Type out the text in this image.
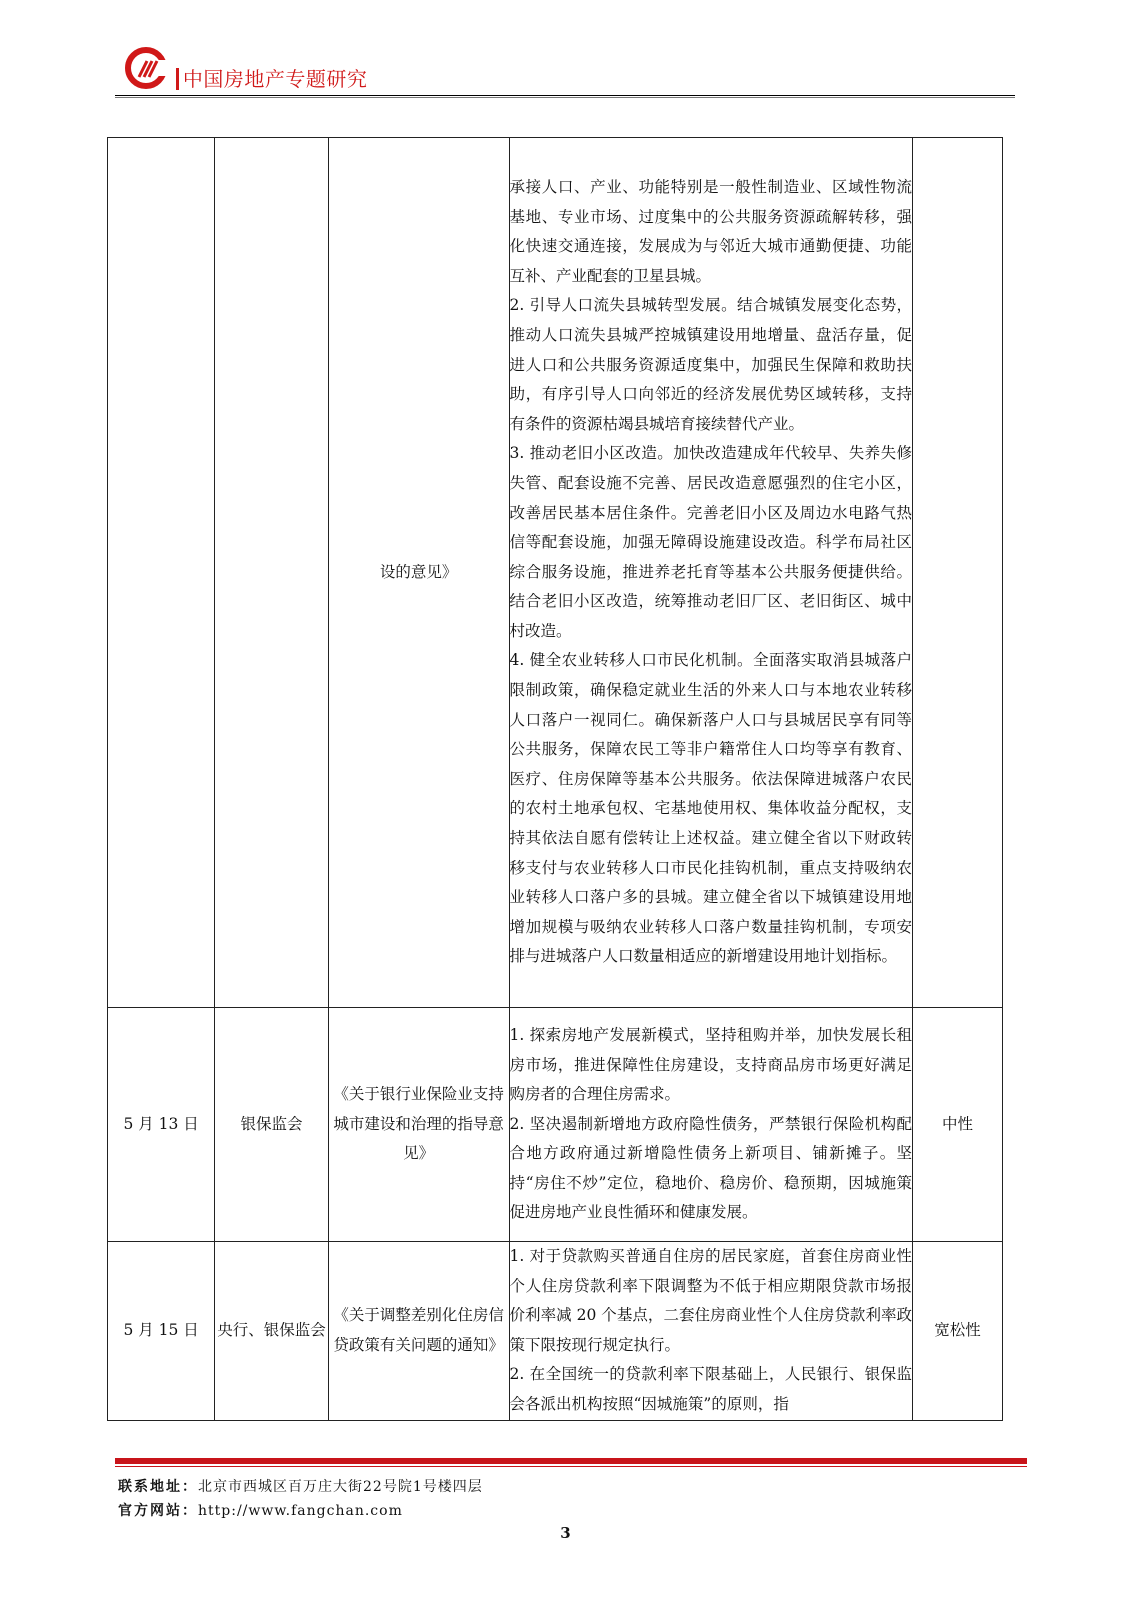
中国房地产专题研究
		设的意见》	承接人口、产业、功能特别是一般性制造业、区域性物流基地、专业市场、过度集中的公共服务资源疏解转移，强化快速交通连接，发展成为与邻近大城市通勤便捷、功能互补、产业配套的卫星县城。

2. 引导人口流失县城转型发展。结合城镇发展变化态势，推动人口流失县城严控城镇建设用地增量、盘活存量，促进人口和公共服务资源适度集中，加强民生保障和救助扶助，有序引导人口向邻近的经济发展优势区域转移，支持有条件的资源枯竭县城培育接续替代产业。

3. 推动老旧小区改造。加快改造建成年代较早、失养失修失管、配套设施不完善、居民改造意愿强烈的住宅小区，改善居民基本居住条件。完善老旧小区及周边水电路气热信等配套设施，加强无障碍设施建设改造。科学布局社区综合服务设施，推进养老托育等基本公共服务便捷供给。结合老旧小区改造，统筹推动老旧厂区、老旧街区、城中村改造。

4. 健全农业转移人口市民化机制。全面落实取消县城落户限制政策，确保稳定就业生活的外来人口与本地农业转移人口落户一视同仁。确保新落户人口与县城居民享有同等公共服务，保障农民工等非户籍常住人口均等享有教育、医疗、住房保障等基本公共服务。依法保障进城落户农民的农村土地承包权、宅基地使用权、集体收益分配权，支持其依法自愿有偿转让上述权益。建立健全省以下财政转移支付与农业转移人口市民化挂钩机制，重点支持吸纳农业转移人口落户多的县城。建立健全省以下城镇建设用地增加规模与吸纳农业转移人口落户数量挂钩机制，专项安排与进城落户人口数量相适应的新增建设用地计划指标。	

5 月 13 日	银保监会	《关于银行业保险业支持城市建设和治理的指导意见》	1. 探索房地产发展新模式，坚持租购并举，加快发展长租房市场，推进保障性住房建设，支持商品房市场更好满足购房者的合理住房需求。

2. 坚决遏制新增地方政府隐性债务，严禁银行保险机构配合地方政府通过新增隐性债务上新项目、铺新摊子。坚持“房住不炒”定位，稳地价、稳房价、稳预期，因城施策促进房地产业良性循环和健康发展。	中性
5 月 15 日	央行、银保监会	《关于调整差别化住房信贷政策有关问题的通知》	1. 对于贷款购买普通自住房的居民家庭，首套住房商业性个人住房贷款利率下限调整为不低于相应期限贷款市场报价利率减 20 个基点，二套住房商业性个人住房贷款利率政策下限按现行规定执行。

2. 在全国统一的贷款利率下限基础上，人民银行、银保监会各派出机构按照“因城施策”的原则，指	宽松性
联系地址：北京市西城区百万庄大街22号院1号楼四层
官方网站：http://www.fangchan.com
3
